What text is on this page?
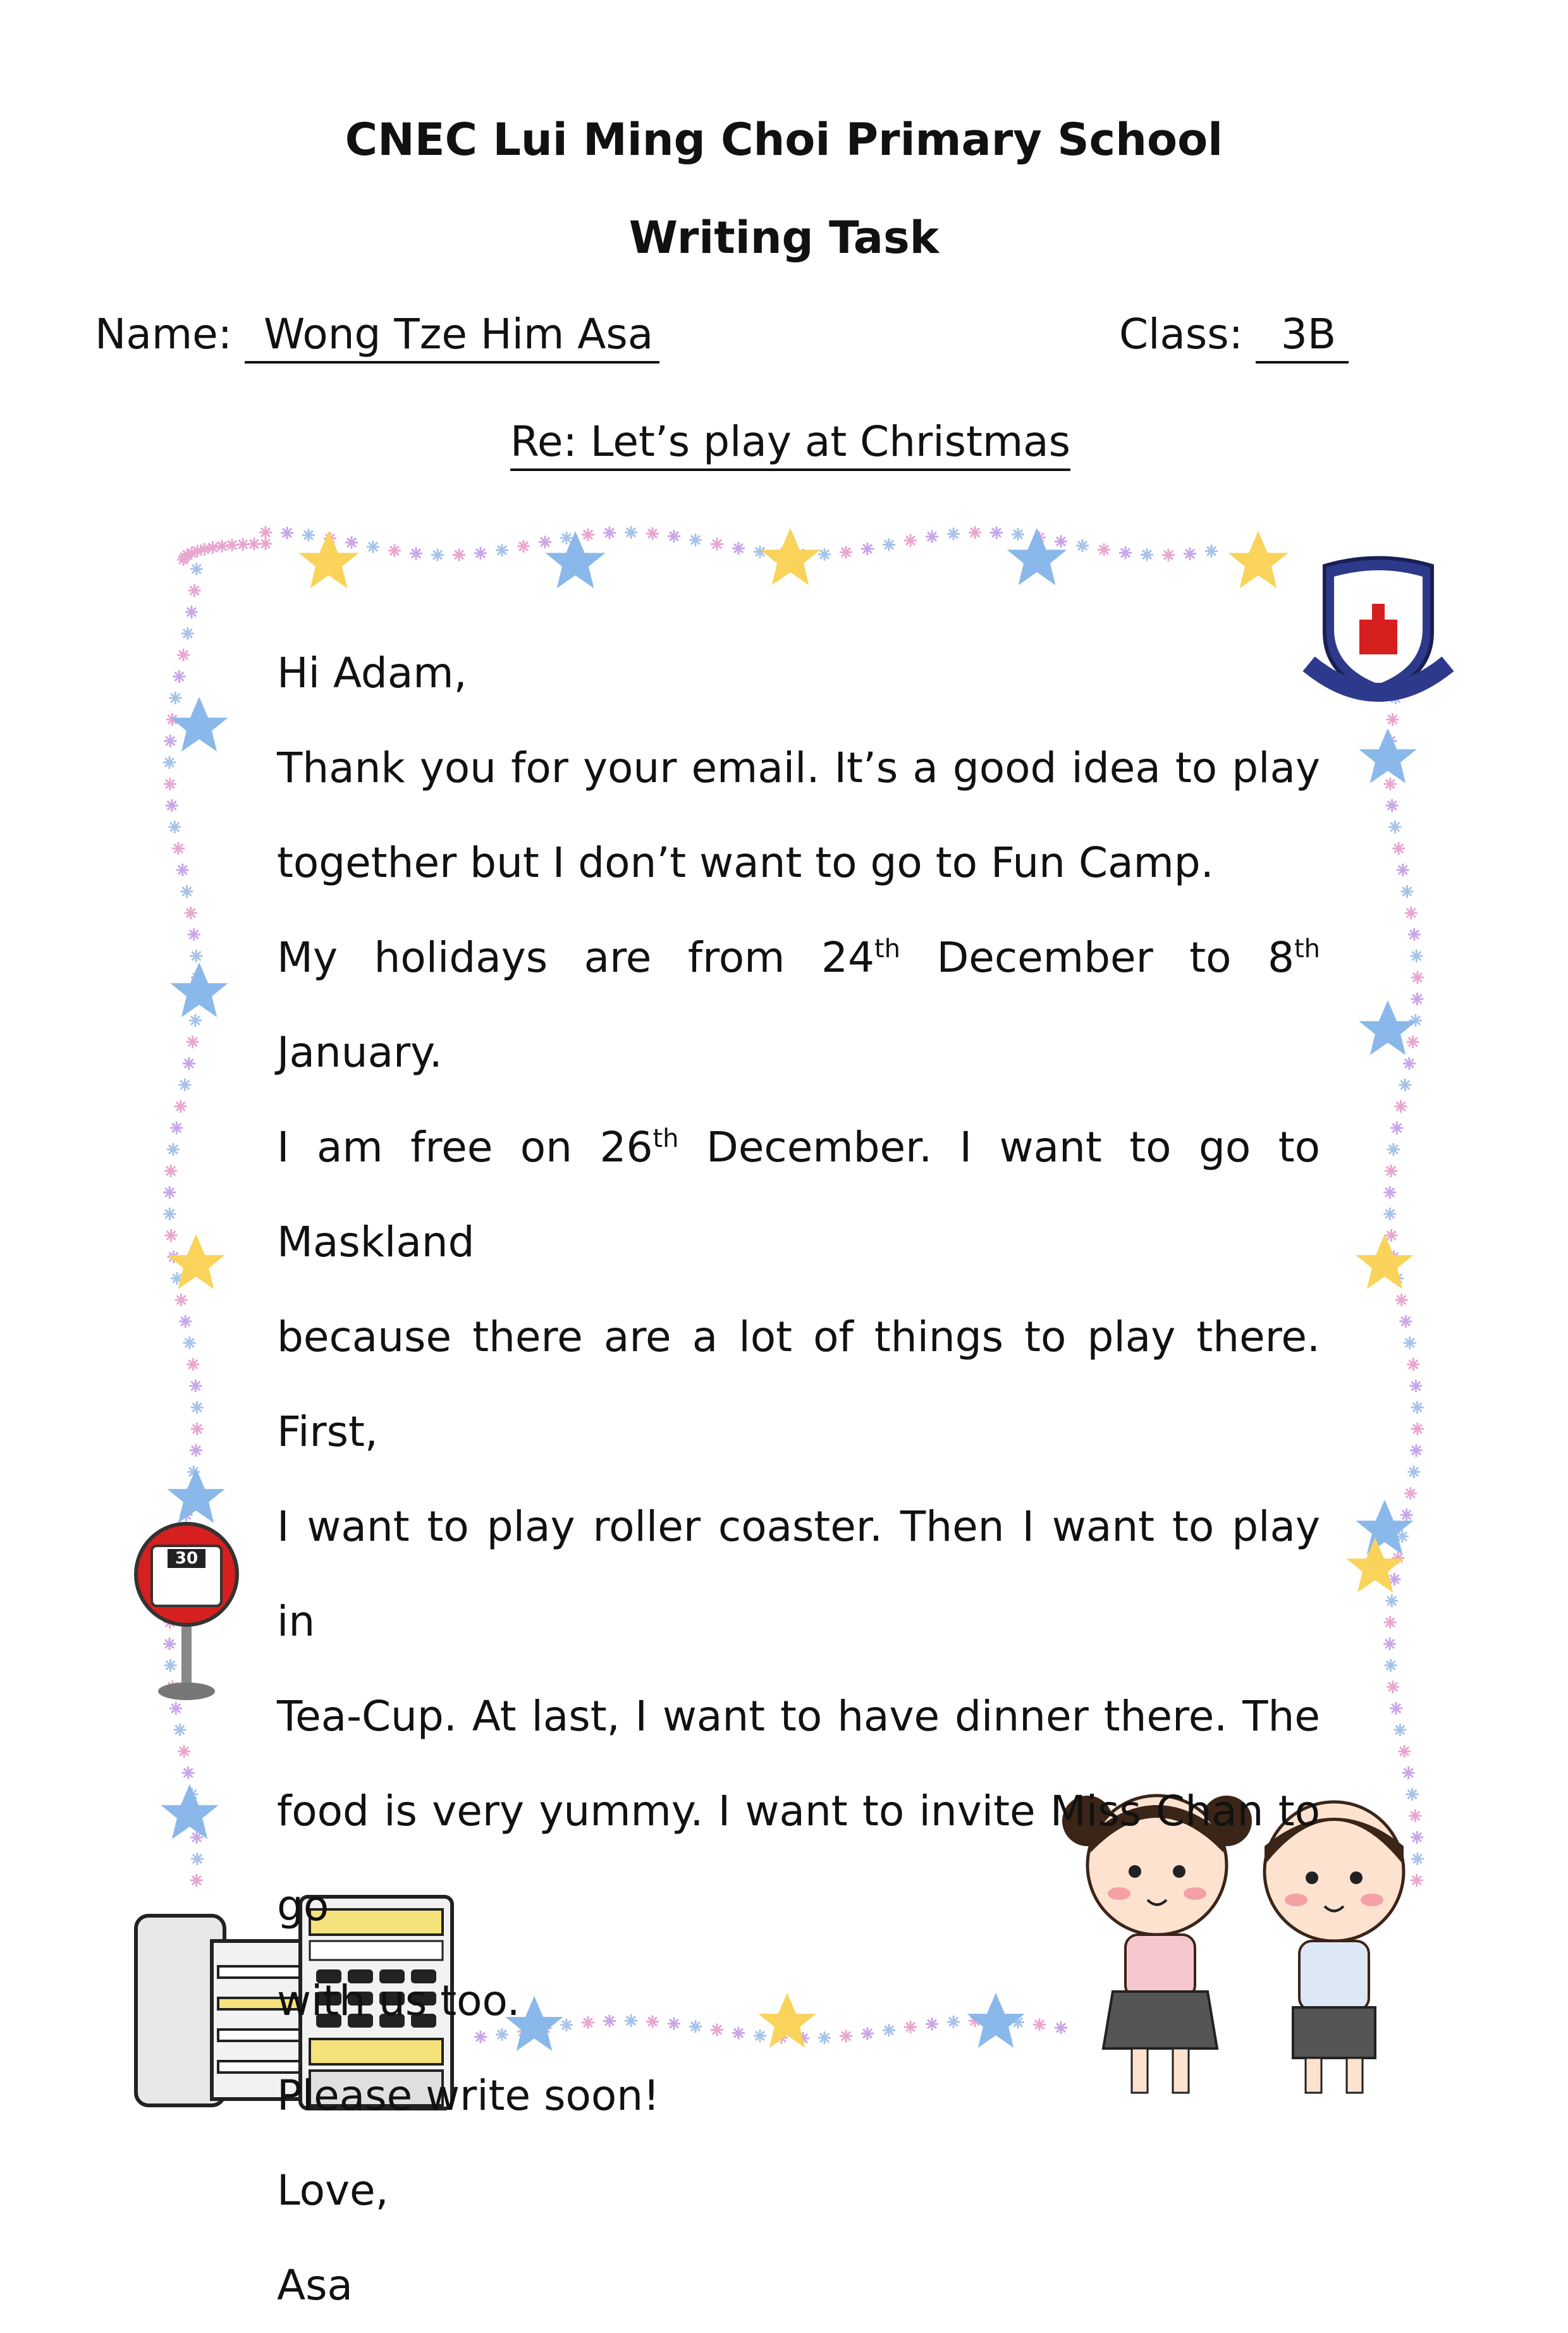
30
CNEC Lui Ming Choi Primary School
Writing Task
Name: Wong Tze Him Asa	Class: 3B
Re: Let’s play at Christmas

Hi Adam,

Thank you for your email. It’s a good idea to play

together but I don’t want to go to Fun Camp.

My holidays are from 24th December to 8th January.

I am free on 26th December. I want to go to Maskland

because there are a lot of things to play there. First,

I want to play roller coaster. Then I want to play in

Tea-Cup. At last, I want to have dinner there. The

food is very yummy. I want to invite Miss Chan to go

with us too.

Please write soon!

Love,

Asa
